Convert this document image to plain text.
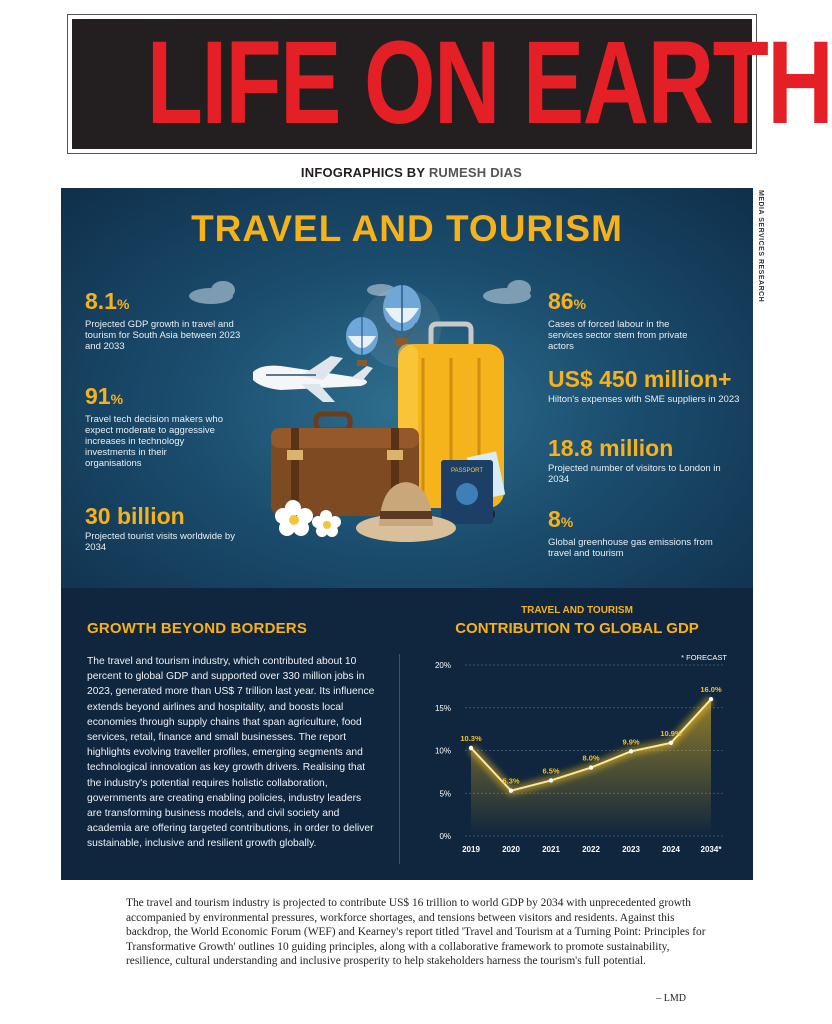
LIFE ON EARTH
INFOGRAPHICS BY RUMESH DIAS
MEDIA SERVICES RESEARCH
TRAVEL AND TOURISM
PASSPORT
8.1%
Projected GDP growth in travel and tourism for South Asia between 2023 and 2033
91%
Travel tech decision makers who expect moderate to aggressive increases in technology investments in their organisations
30 billion
Projected tourist visits worldwide by 2034
86%
Cases of forced labour in the services sector stem from private actors
US$ 450 million+
Hilton's expenses with SME suppliers in 2023
18.8 million
Projected number of visitors to London in 2034
8%
Global greenhouse gas emissions from travel and tourism
GROWTH BEYOND BORDERS

The travel and tourism industry, which contributed about 10 percent to global GDP and supported over 330 million jobs in 2023, generated more than US$ 7 trillion last year. Its influence extends beyond airlines and hospitality, and boosts local economies through supply chains that span agriculture, food services, retail, finance and small businesses. The report highlights evolving traveller profiles, emerging segments and technological innovation as key growth drivers. Realising that the industry's potential requires holistic collaboration, governments are creating enabling policies, industry leaders are transforming business models, and civil society and academia are offering targeted contributions, in order to deliver sustainable, inclusive and resilient growth globally.

TRAVEL AND TOURISM
CONTRIBUTION TO GLOBAL GDP
* FORECAST
0%
5%
10%
15%
20%
2019	2020	2021	2022	2023	2024	2034*
10.3%
5.3%
6.5%
8.0%
9.9%
10.9%
16.0%

The travel and tourism industry is projected to contribute US$ 16 trillion to world GDP by 2034 with unprecedented growth accompanied by environmental pressures, workforce shortages, and tensions between visitors and residents. Against this backdrop, the World Economic Forum (WEF) and Kearney's report titled 'Travel and Tourism at a Turning Point: Principles for Transformative Growth' outlines 10 guiding principles, along with a collaborative framework to promote sustainability, resilience, cultural understanding and inclusive prosperity to help stakeholders harness the tourism's full potential.

– LMD
